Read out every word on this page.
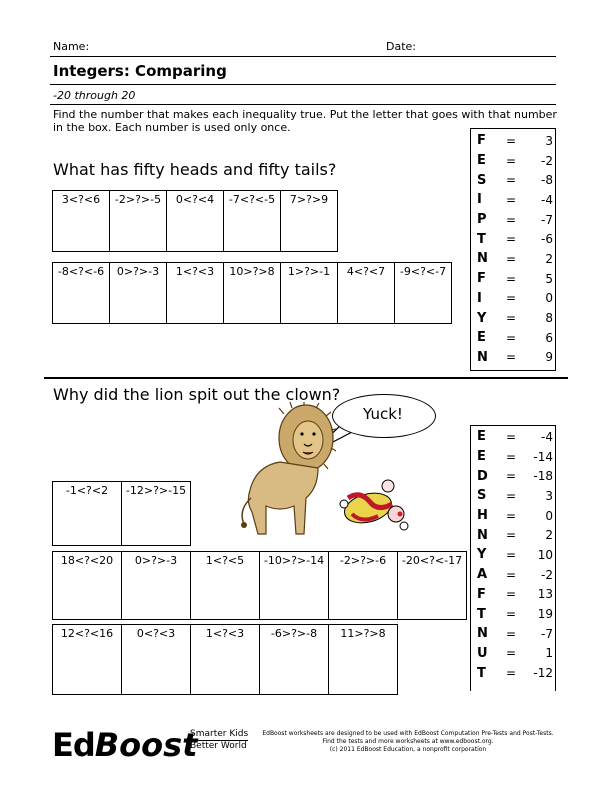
Name:	Date:
Integers: Comparing
-20 through 20
Find the number that makes each inequality true. Put the letter that goes with that number in the box. Each number is used only once.
What has fifty heads and fifty tails?
3<?<6	-2>?>-5	0<?<4	-7<?<-5	7>?>9
-8<?<-6	0>?>-3	1<?<3	10>?>8	1>?>-1	4<?<7	-9<?<-7
F	=	3
E	=	-2
S	=	-8
I	=	-4
P	=	-7
T	=	-6
N	=	2
F	=	5
I	=	0
Y	=	8
E	=	6
N	=	9
Why did the lion spit out the clown?
Yuck!
-1<?<2	-12>?>-15
18<?<20	0>?>-3	1<?<5	-10>?>-14	-2>?>-6	-20<?<-17
12<?<16	0<?<3	1<?<3	-6>?>-8	11>?>8
E	=	-4
E	=	-14
D	=	-18
S	=	3
H	=	0
N	=	2
Y	=	10
A	=	-2
F	=	13
T	=	19
N	=	-7
U	=	1
T	=	-12
EdBoost
Smarter Kids
Better World
EdBoost worksheets are designed to be used with EdBoost Computation Pre-Tests and Post-Tests.
Find the tests and more worksheets at www.edboost.org.
(c) 2011 EdBoost Education, a nonprofit corporation
